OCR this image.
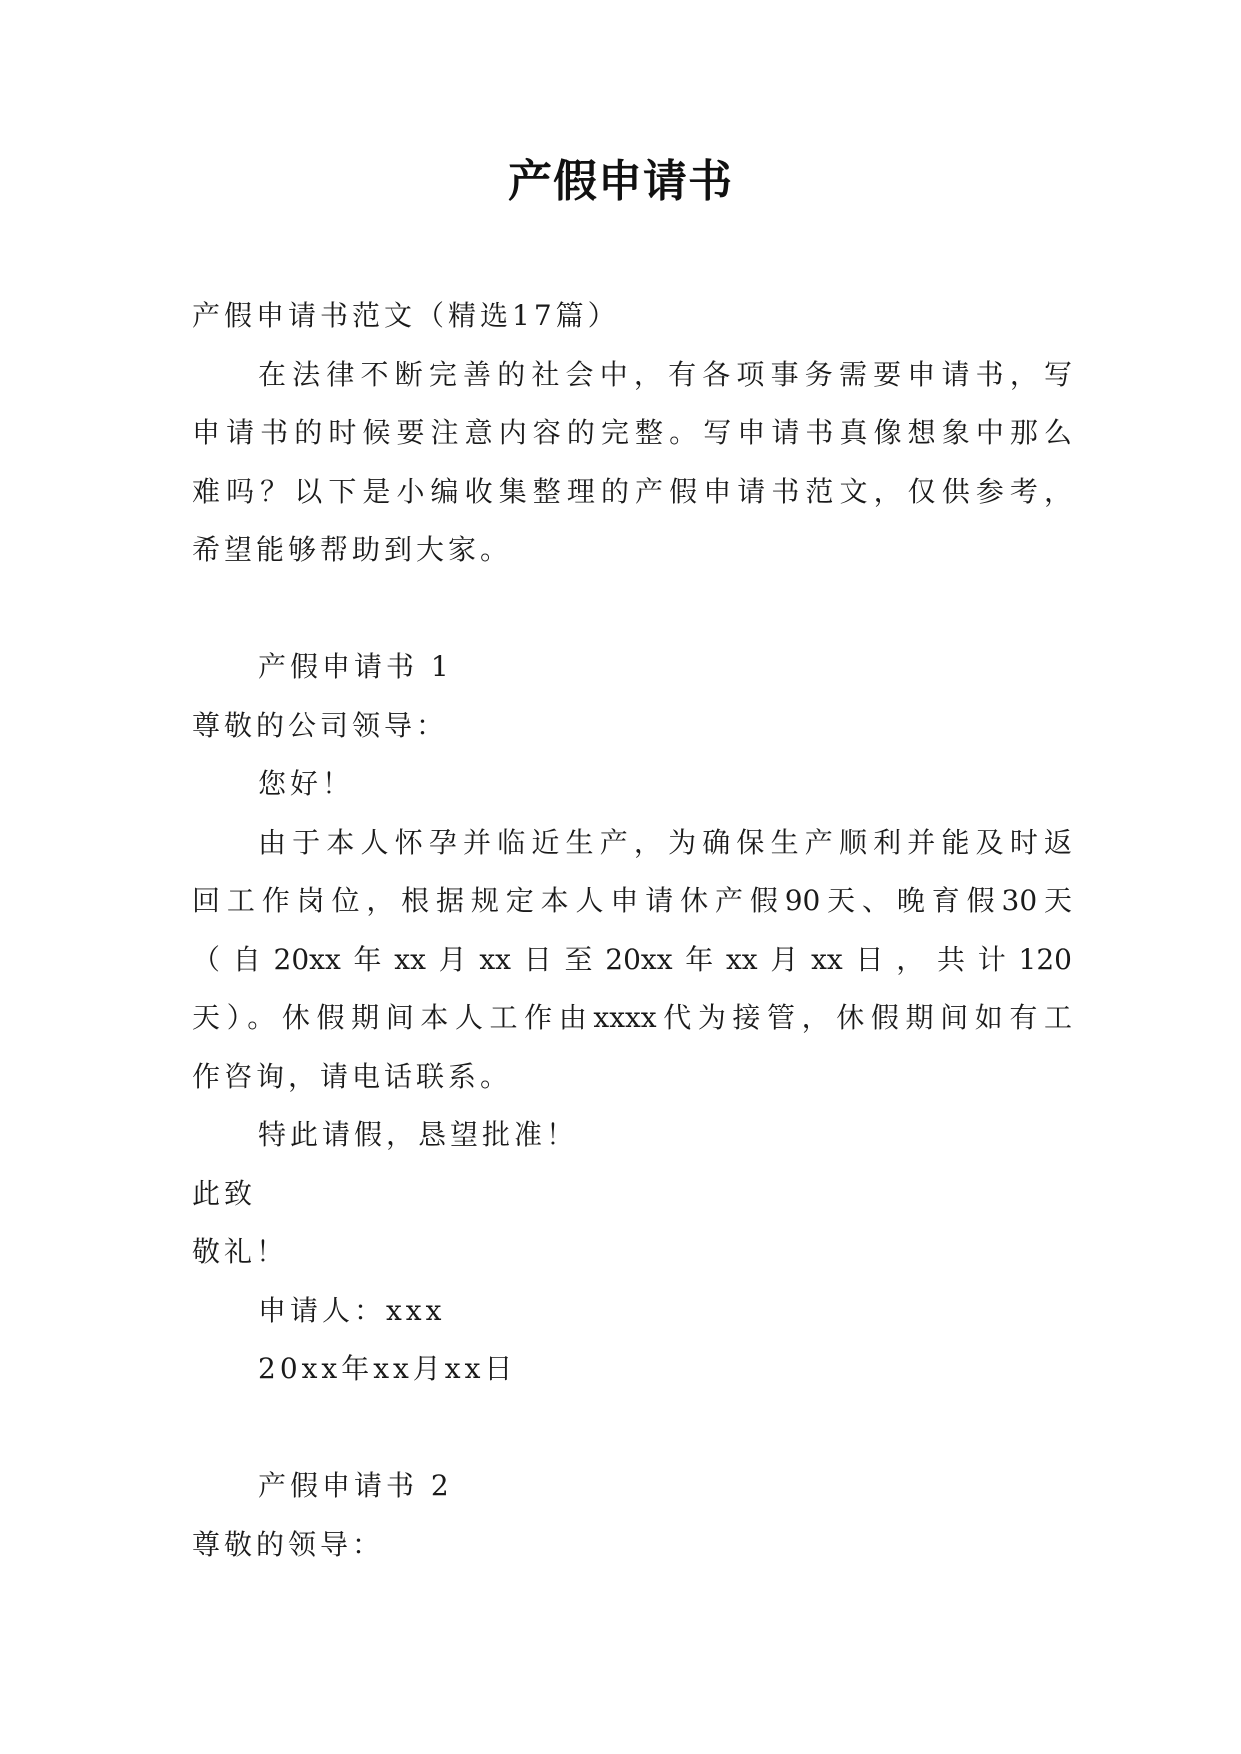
产假申请书
产假申请书范文（精选17篇）
在法律不断完善的社会中，有各项事务需要申请书，写
申请书的时候要注意内容的完整。写申请书真像想象中那么
难吗？以下是小编收集整理的产假申请书范文，仅供参考，
希望能够帮助到大家。
产假申请书 1
尊敬的公司领导：
您好！
由于本人怀孕并临近生产，为确保生产顺利并能及时返
回工作岗位，根据规定本人申请休产假90天、晚育假30天
（自20xx年xx月xx日至20xx年xx月xx日，共计120
天）。休假期间本人工作由xxxx代为接管，休假期间如有工
作咨询，请电话联系。
特此请假，恳望批准！
此致
敬礼！
申请人：xxx
20xx年xx月xx日
产假申请书 2
尊敬的领导：
